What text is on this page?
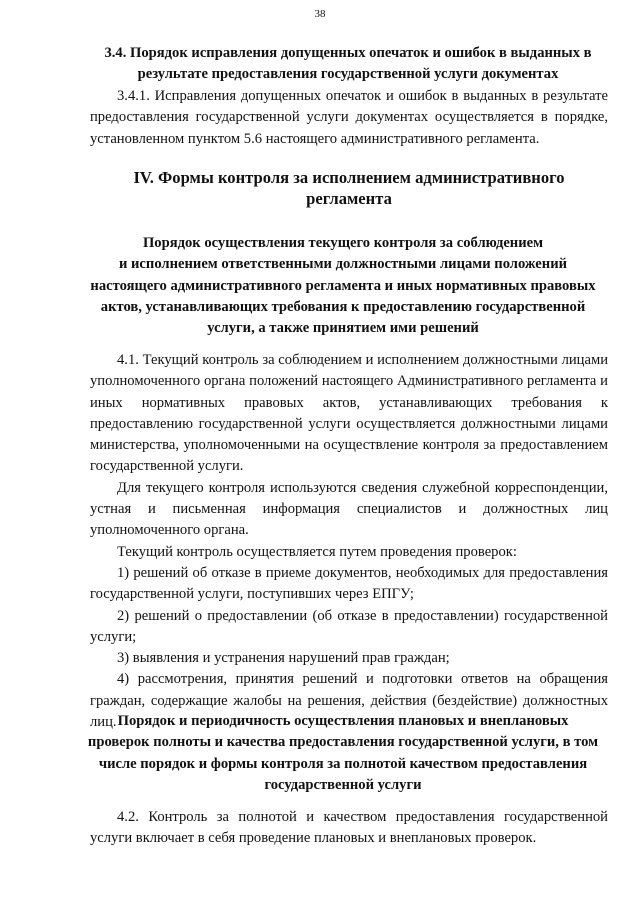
38
3.4. Порядок исправления допущенных опечаток и ошибок в выданных в
результате предоставления государственной услуги документах

3.4.1. Исправления допущенных опечаток и ошибок в выданных в результате предоставления государственной услуги документах осуществляется в порядке, установленном пунктом 5.6 настоящего административного регламента.

IV. Формы контроля за исполнением административного
регламента
Порядок осуществления текущего контроля за соблюдением
и исполнением ответственными должностными лицами положений
настоящего административного регламента и иных нормативных правовых
актов, устанавливающих требования к предоставлению государственной
услуги, а также принятием ими решений

4.1. Текущий контроль за соблюдением и исполнением должностными лицами уполномоченного органа положений настоящего Административного регламента и иных нормативных правовых актов, устанавливающих требования к предоставлению государственной услуги осуществляется должностными лицами министерства, уполномоченными на осуществление контроля за предоставлением государственной услуги.

Для текущего контроля используются сведения служебной корреспонденции, устная и письменная информация специалистов и должностных лиц уполномоченного органа.

Текущий контроль осуществляется путем проведения проверок:

1) решений об отказе в приеме документов, необходимых для предоставления государственной услуги, поступивших через ЕПГУ;

2) решений о предоставлении (об отказе в предоставлении) государственной услуги;

3) выявления и устранения нарушений прав граждан;

4) рассмотрения, принятия решений и подготовки ответов на обращения граждан, содержащие жалобы на решения, действия (бездействие) должностных лиц. Порядок и периодичность осуществления плановых и внеплановых
проверок полноты и качества предоставления государственной услуги, в том
числе порядок и формы контроля за полнотой качеством предоставления
государственной услуги

4.2. Контроль за полнотой и качеством предоставления государственной услуги включает в себя проведение плановых и внеплановых проверок.
